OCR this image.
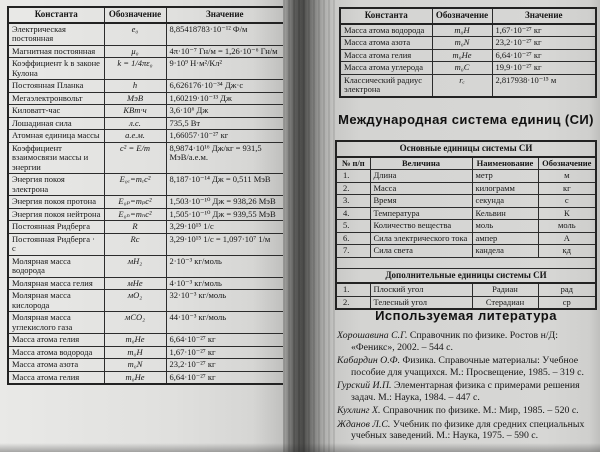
Константа	Обозначение	Значение
Электрическая постоянная	e₀	8,85418783·10⁻¹² Ф/м
Магнитная постоянная	μ₀	4π·10⁻⁷ Гн/м = 1,26·10⁻⁶ Гн/м
Коэффициент k в законе Кулона	k = 1/4πε₀	9·10⁹ Н·м²/Кл²
Постоянная Планка	h	6,626176·10⁻³⁴ Дж·с
Мегаэлектронвольт	МэВ	1,60219·10⁻¹³ Дж
Киловатт-час	КВт·ч	3,6·10⁶ Дж
Лошадиная сила	л.с.	735,5 Вт
Атомная единица массы	а.е.м.	1,66057·10⁻²⁷ кг
Коэффициент взаимосвязи массы и энергии	c² = E/m	8,9874·10¹⁶ Дж/кг = 931,5 МэВ/а.е.м.
Энергия покоя электрона	E₀ₑ=mₑc²	8,187·10⁻¹⁴ Дж = 0,511 МэВ
Энергия покоя протона	E₀ₚ=mₚc²	1,503·10⁻¹⁰ Дж = 938,26 МэВ
Энергия покоя нейтрона	E₀ₙ=mₙc²	1,505·10⁻¹⁰ Дж = 939,55 МэВ
Постоянная Ридберга	R	3,29·10¹⁵ 1/с
Постоянная Ридберга · c	Rc	3,29·10¹⁵ 1/с = 1,097·10⁷ 1/м
Молярная масса водорода	мH₂	2·10⁻³ кг/моль
Молярная масса гелия	мHe	4·10⁻³ кг/моль
Молярная масса кислорода	мO₂	32·10⁻³ кг/моль
Молярная масса углекислого газа	мCO₂	44·10⁻³ кг/моль
Масса атома гелия	m₀He	6,64·10⁻²⁷ кг
Масса атома водорода	m₀H	1,67·10⁻²⁷ кг
Масса атома азота	m₀N	23,2·10⁻²⁷ кг
Масса атома гелия	m₀He	6,64·10⁻²⁷ кг
Константа	Обозначение	Значение
Масса атома водорода	m₀H	1,67·10⁻²⁷ кг
Масса атома азота	m₀N	23,2·10⁻²⁷ кг
Масса атома гелия	m₀He	6,64·10⁻²⁷ кг
Масса атома углерода	m₀C	19,9·10⁻²⁷ кг
Классический радиус электрона	rₑ	2,817938·10⁻¹⁵ м
Международная система единиц (СИ)
Основные единицы системы СИ			
№ п/п	Величина	Наименование	Обозначение
1.	Длина	метр	м
2.	Масса	килограмм	кг
3.	Время	секунда	с
4.	Температура	Кельвин	К
5.	Количество вещества	моль	моль
6.	Сила электрического тока	ампер	А
7.	Сила света	кандела	кд

Дополнительные единицы системы СИ			
1.	Плоский угол	Радиан	рад
2.	Телесный угол	Стерадиан	ср
Используемая литература

Хорошавина С.Г. Справочник по физике. Ростов н/Д: «Феникс», 2002. – 544 с.

Кабардин О.Ф. Физика. Справочные материалы: Учебное пособие для учащихся. М.: Просвещение, 1985. – 319 с.

Гурский И.П. Элементарная физика с примерами решения задач. М.: Наука, 1984. – 447 с.

Кухлинг Х. Справочник по физике. М.: Мир, 1985. – 520 с.

Жданов Л.С. Учебник по физике для средних специальных учебных заведений. М.: Наука, 1975. – 590 с.
